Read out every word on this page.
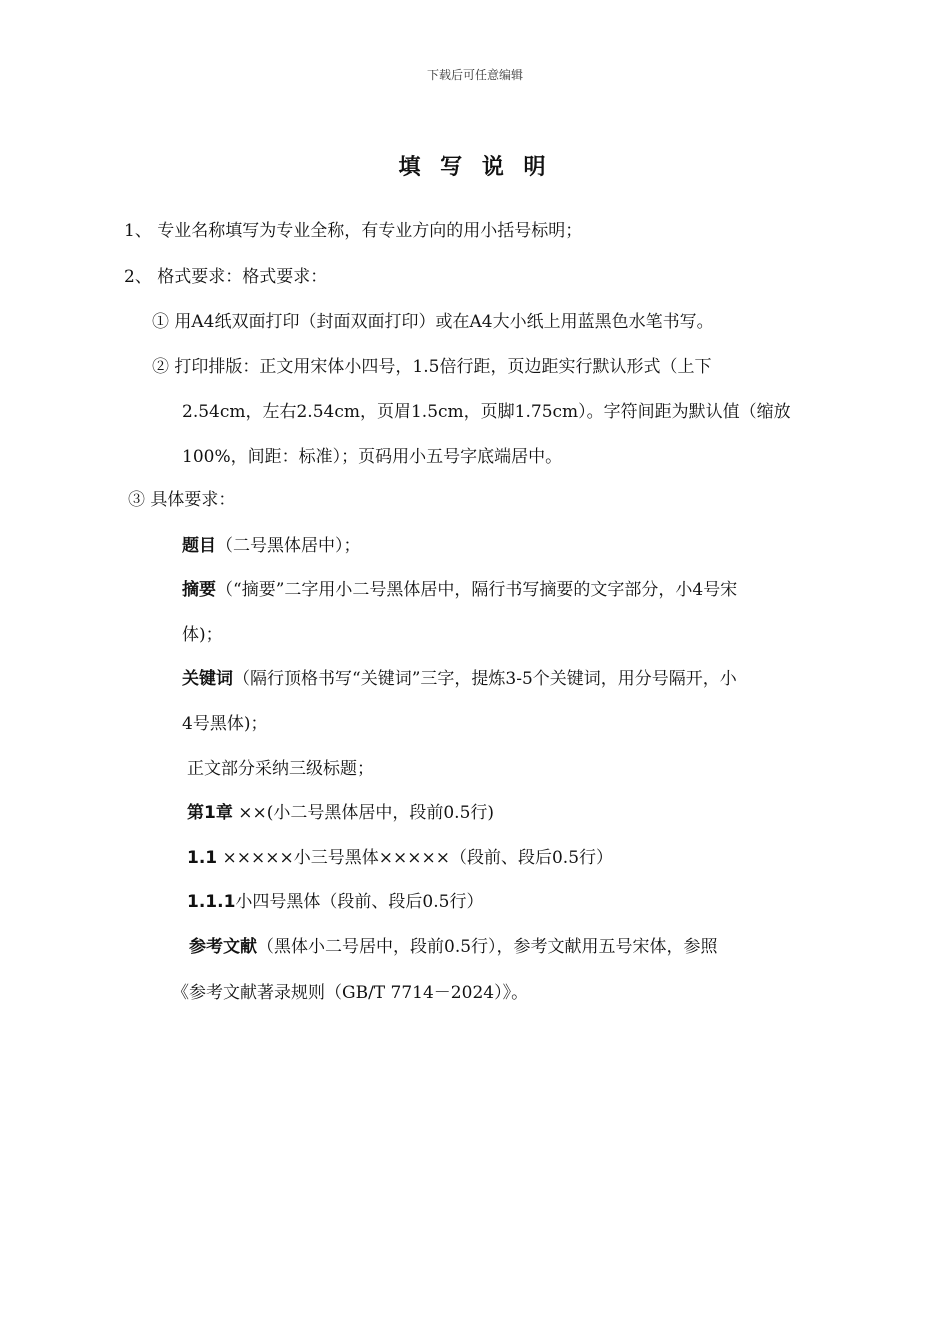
下载后可任意编辑
填 写 说 明
1、 专业名称填写为专业全称，有专业方向的用小括号标明；
2、 格式要求：格式要求：
① 用A4纸双面打印（封面双面打印）或在A4大小纸上用蓝黑色水笔书写。
② 打印排版：正文用宋体小四号，1.5倍行距，页边距实行默认形式（上下
2.54cm，左右2.54cm，页眉1.5cm，页脚1.75cm）。字符间距为默认值（缩放
100%，间距：标准）；页码用小五号字底端居中。
③ 具体要求：
题目（二号黑体居中）；
摘要（“摘要”二字用小二号黑体居中，隔行书写摘要的文字部分，小4号宋
体)；
关键词（隔行顶格书写“关键词”三字，提炼3-5个关键词，用分号隔开，小
4号黑体)；
正文部分采纳三级标题；
第1章 ××(小二号黑体居中，段前0.5行)
1.1 ×××××小三号黑体×××××（段前、段后0.5行）
1.1.1小四号黑体（段前、段后0.5行）
参考文献（黑体小二号居中，段前0.5行），参考文献用五号宋体，参照
《参考文献著录规则（GB/T 7714－2024）》。
